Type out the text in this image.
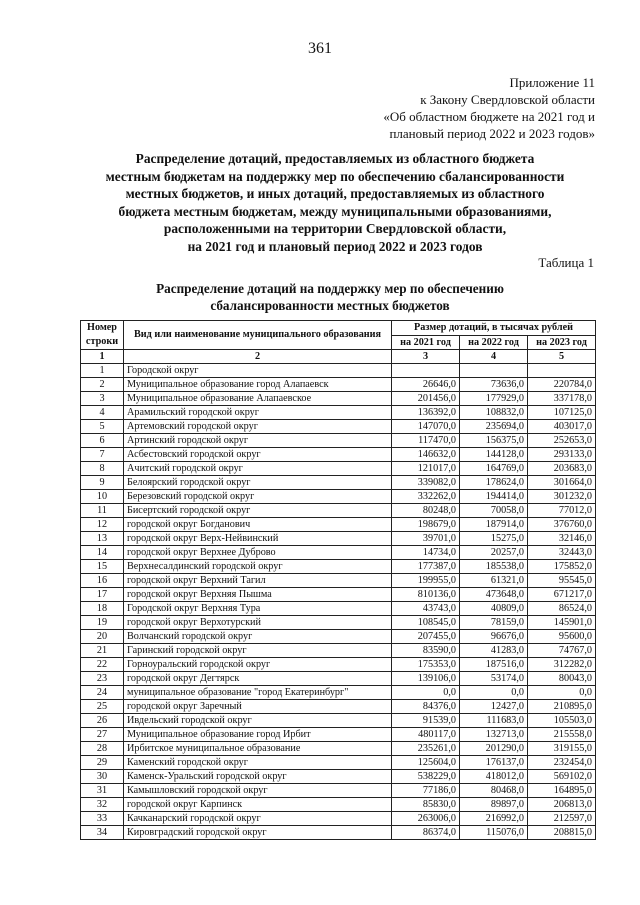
361
Приложение 11
к Закону Свердловской области
«Об областном бюджете на 2021 год и
плановый период 2022 и 2023 годов»
Распределение дотаций, предоставляемых из областного бюджета
местным бюджетам на поддержку мер по обеспечению сбалансированности
местных бюджетов, и иных дотаций, предоставляемых из областного
бюджета местным бюджетам, между муниципальными образованиями,
расположенными на территории Свердловской области,
на 2021 год и плановый период 2022 и 2023 годов
Таблица 1
Распределение дотаций на поддержку мер по обеспечению
сбалансированности местных бюджетов
Номер строки	Вид или наименование муниципального образования	Размер дотаций, в тысячах рублей		
		на 2021 год	на 2022 год	на 2023 год
1	2	3	4	5
1	Городской округ			
2	Муниципальное образование город Алапаевск	26646,0	73636,0	220784,0
3	Муниципальное образование Алапаевское	201456,0	177929,0	337178,0
4	Арамильский городской округ	136392,0	108832,0	107125,0
5	Артемовский городской округ	147070,0	235694,0	403017,0
6	Артинский городской округ	117470,0	156375,0	252653,0
7	Асбестовский городской округ	146632,0	144128,0	293133,0
8	Ачитский городской округ	121017,0	164769,0	203683,0
9	Белоярский городской округ	339082,0	178624,0	301664,0
10	Березовский городской округ	332262,0	194414,0	301232,0
11	Бисертский городской округ	80248,0	70058,0	77012,0
12	городской округ Богданович	198679,0	187914,0	376760,0
13	городской округ Верх-Нейвинский	39701,0	15275,0	32146,0
14	городской округ Верхнее Дуброво	14734,0	20257,0	32443,0
15	Верхнесалдинский городской округ	177387,0	185538,0	175852,0
16	городской округ Верхний Тагил	199955,0	61321,0	95545,0
17	городской округ Верхняя Пышма	810136,0	473648,0	671217,0
18	Городской округ Верхняя Тура	43743,0	40809,0	86524,0
19	городской округ Верхотурский	108545,0	78159,0	145901,0
20	Волчанский городской округ	207455,0	96676,0	95600,0
21	Гаринский городской округ	83590,0	41283,0	74767,0
22	Горноуральский городской округ	175353,0	187516,0	312282,0
23	городской округ Дегтярск	139106,0	53174,0	80043,0
24	муниципальное образование "город Екатеринбург"	0,0	0,0	0,0
25	городской округ Заречный	84376,0	12427,0	210895,0
26	Ивдельский городской округ	91539,0	111683,0	105503,0
27	Муниципальное образование город Ирбит	480117,0	132713,0	215558,0
28	Ирбитское муниципальное образование	235261,0	201290,0	319155,0
29	Каменский городской округ	125604,0	176137,0	232454,0
30	Каменск-Уральский городской округ	538229,0	418012,0	569102,0
31	Камышловский городской округ	77186,0	80468,0	164895,0
32	городской округ Карпинск	85830,0	89897,0	206813,0
33	Качканарский городской округ	263006,0	216992,0	212597,0
34	Кировградский городской округ	86374,0	115076,0	208815,0
